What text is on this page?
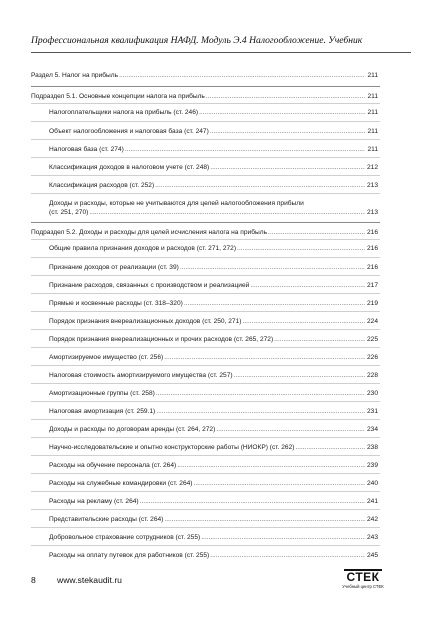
Профессиональная квалификация НАФД. Модуль Э.4 Налогообложение. Учебник
Раздел 5. Налог на прибыль .....	211
Подраздел 5.1. Основные концепции налога на прибыль .....	211
Налогоплательщики налога на прибыль (ст. 246) .....	211
Объект налогообложения и налоговая база (ст. 247) .....	211
Налоговая база (ст. 274) .....	211
Классификация доходов в налоговом учете (ст. 248) .....	212
Классификация расходов (ст. 252) .....	213
Доходы и расходы, которые не учитываются для целей налогообложения прибыли
(ст. 251, 270) .....	213
Подраздел 5.2. Доходы и расходы для целей исчисления налога на прибыль .....	216
Общие правила признания доходов и расходов (ст. 271, 272) .....	216
Признание доходов от реализации (ст. 39) .....	216
Признание расходов, связанных с производством и реализацией .....	217
Прямые и косвенные расходы (ст. 318–320) .....	219
Порядок признания внереализационных доходов (ст. 250, 271) .....	224
Порядок признания внереализационных и прочих расходов (ст. 265, 272) .....	225
Амортизируемое имущество (ст. 256) .....	226
Налоговая стоимость амортизируемого имущества (ст. 257) .....	228
Амортизационные группы (ст. 258) .....	230
Налоговая амортизация (ст. 259.1) .....	231
Доходы и расходы по договорам аренды (ст. 264, 272) .....	234
Научно-исследовательские и опытно конструкторские работы (НИОКР) (ст. 262) .....	238
Расходы на обучение персонала (ст. 264) .....	239
Расходы на служебные командировки (ст. 264) .....	240
Расходы на рекламу (ст. 264) .....	241
Представительские расходы (ст. 264) .....	242
Добровольное страхование сотрудников (ст. 255) .....	243
Расходы на оплату путевок для работников (ст. 255) .....	245
8 www.stekaudit.ru	СТЕК
Учебный центр СТЕК
